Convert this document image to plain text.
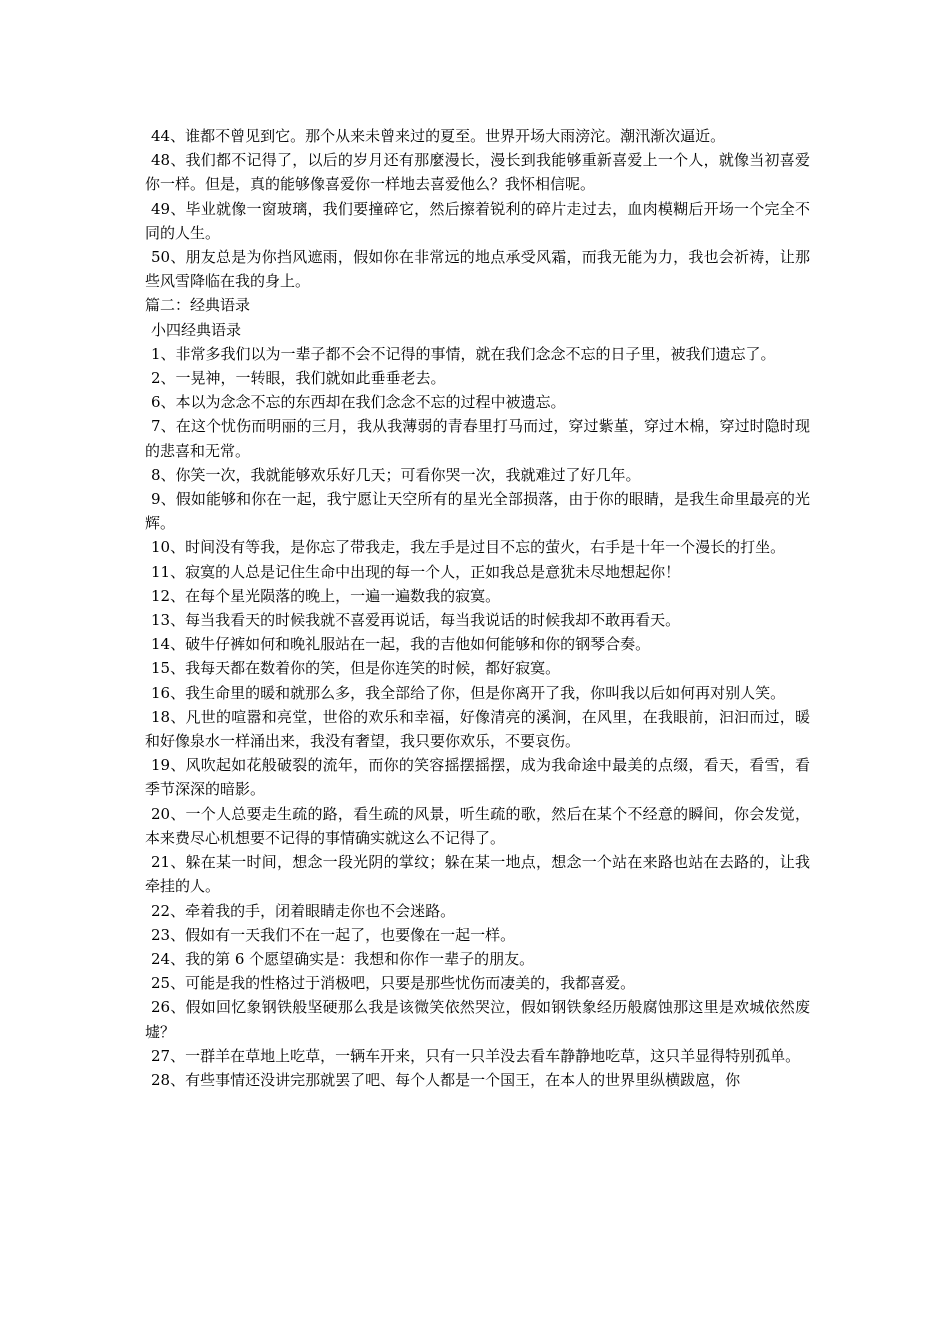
44、谁都不曾见到它。那个从来未曾来过的夏至。世界开场大雨滂沱。潮汛渐次逼近。

48、我们都不记得了，以后的岁月还有那麼漫长，漫长到我能够重新喜爱上一个人，就像当初喜爱你一样。但是，真的能够像喜爱你一样地去喜爱他么？我怀相信呢。

49、毕业就像一窗玻璃，我们要撞碎它，然后擦着锐利的碎片走过去，血肉模糊后开场一个完全不同的人生。

50、朋友总是为你挡风遮雨，假如你在非常远的地点承受风霜，而我无能为力，我也会祈祷，让那些风雪降临在我的身上。

篇二：经典语录

小四经典语录

1、非常多我们以为一辈子都不会不记得的事情，就在我们念念不忘的日子里，被我们遗忘了。

2、一晃神，一转眼，我们就如此垂垂老去。

6、本以为念念不忘的东西却在我们念念不忘的过程中被遗忘。

7、在这个忧伤而明丽的三月，我从我薄弱的青春里打马而过，穿过紫堇，穿过木棉，穿过时隐时现的悲喜和无常。

8、你笑一次，我就能够欢乐好几天；可看你哭一次，我就难过了好几年。

9、假如能够和你在一起，我宁愿让天空所有的星光全部损落，由于你的眼睛，是我生命里最亮的光辉。

10、时间没有等我，是你忘了带我走，我左手是过目不忘的萤火，右手是十年一个漫长的打坐。

11、寂寞的人总是记住生命中出现的每一个人，正如我总是意犹未尽地想起你！

12、在每个星光陨落的晚上，一遍一遍数我的寂寞。

13、每当我看天的时候我就不喜爱再说话，每当我说话的时候我却不敢再看天。

14、破牛仔裤如何和晚礼服站在一起，我的吉他如何能够和你的钢琴合奏。

15、我每天都在数着你的笑，但是你连笑的时候，都好寂寞。

16、我生命里的暖和就那么多，我全部给了你，但是你离开了我，你叫我以后如何再对别人笑。

18、凡世的喧嚣和亮堂，世俗的欢乐和幸福，好像清亮的溪涧，在风里，在我眼前，汩汩而过，暖和好像泉水一样涌出来，我没有奢望，我只要你欢乐，不要哀伤。

19、风吹起如花般破裂的流年，而你的笑容摇摆摇摆，成为我命途中最美的点缀，看天，看雪，看季节深深的暗影。

20、一个人总要走生疏的路，看生疏的风景，听生疏的歌，然后在某个不经意的瞬间，你会发觉，本来费尽心机想要不记得的事情确实就这么不记得了。

21、躲在某一时间，想念一段光阴的掌纹；躲在某一地点，想念一个站在来路也站在去路的，让我牵挂的人。

22、牵着我的手，闭着眼睛走你也不会迷路。

23、假如有一天我们不在一起了，也要像在一起一样。

24、我的第 6 个愿望确实是：我想和你作一辈子的朋友。

25、可能是我的性格过于消极吧，只要是那些忧伤而凄美的，我都喜爱。

26、假如回忆象钢铁般坚硬那么我是该微笑依然哭泣，假如钢铁象经历般腐蚀那这里是欢城依然废墟？

27、一群羊在草地上吃草，一辆车开来，只有一只羊没去看车静静地吃草，这只羊显得特别孤单。

28、有些事情还没讲完那就罢了吧、每个人都是一个国王，在本人的世界里纵横跋扈，你
